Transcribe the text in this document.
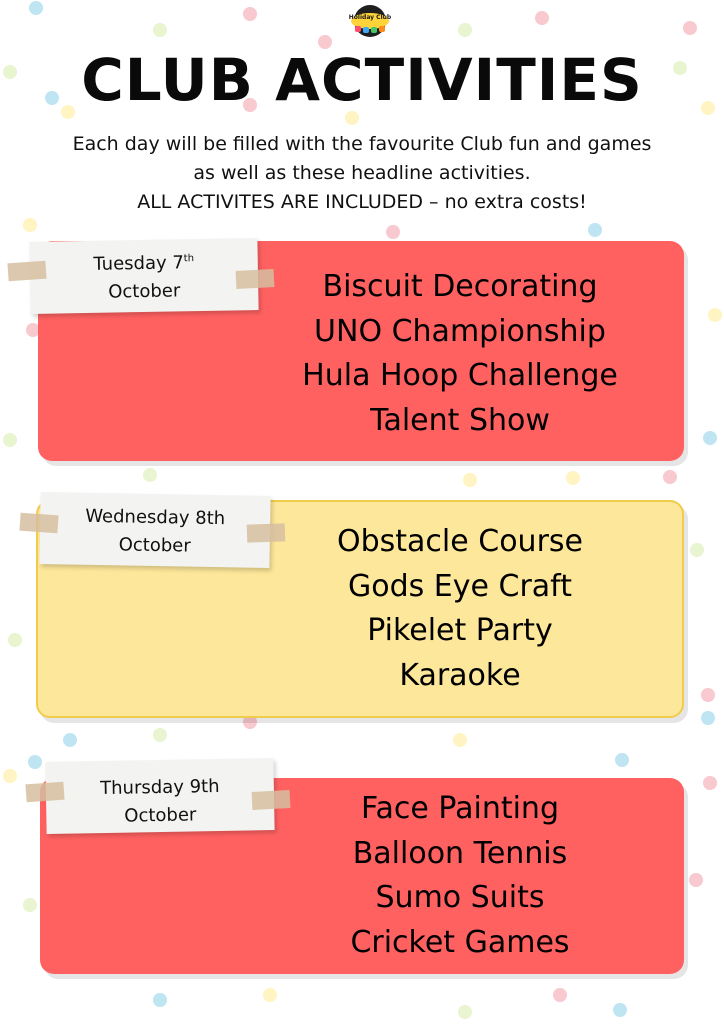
Holiday Club
CLUB ACTIVITIES
Each day will be filled with the favourite Club fun and games
as well as these headline activities.
ALL ACTIVITES ARE INCLUDED – no extra costs!
Tuesday 7th
October	Biscuit Decorating
UNO Championship
Hula Hoop Challenge
Talent Show
Wednesday 8th
October	Obstacle Course
Gods Eye Craft
Pikelet Party
Karaoke
Thursday 9th
October	Face Painting
Balloon Tennis
Sumo Suits
Cricket Games
